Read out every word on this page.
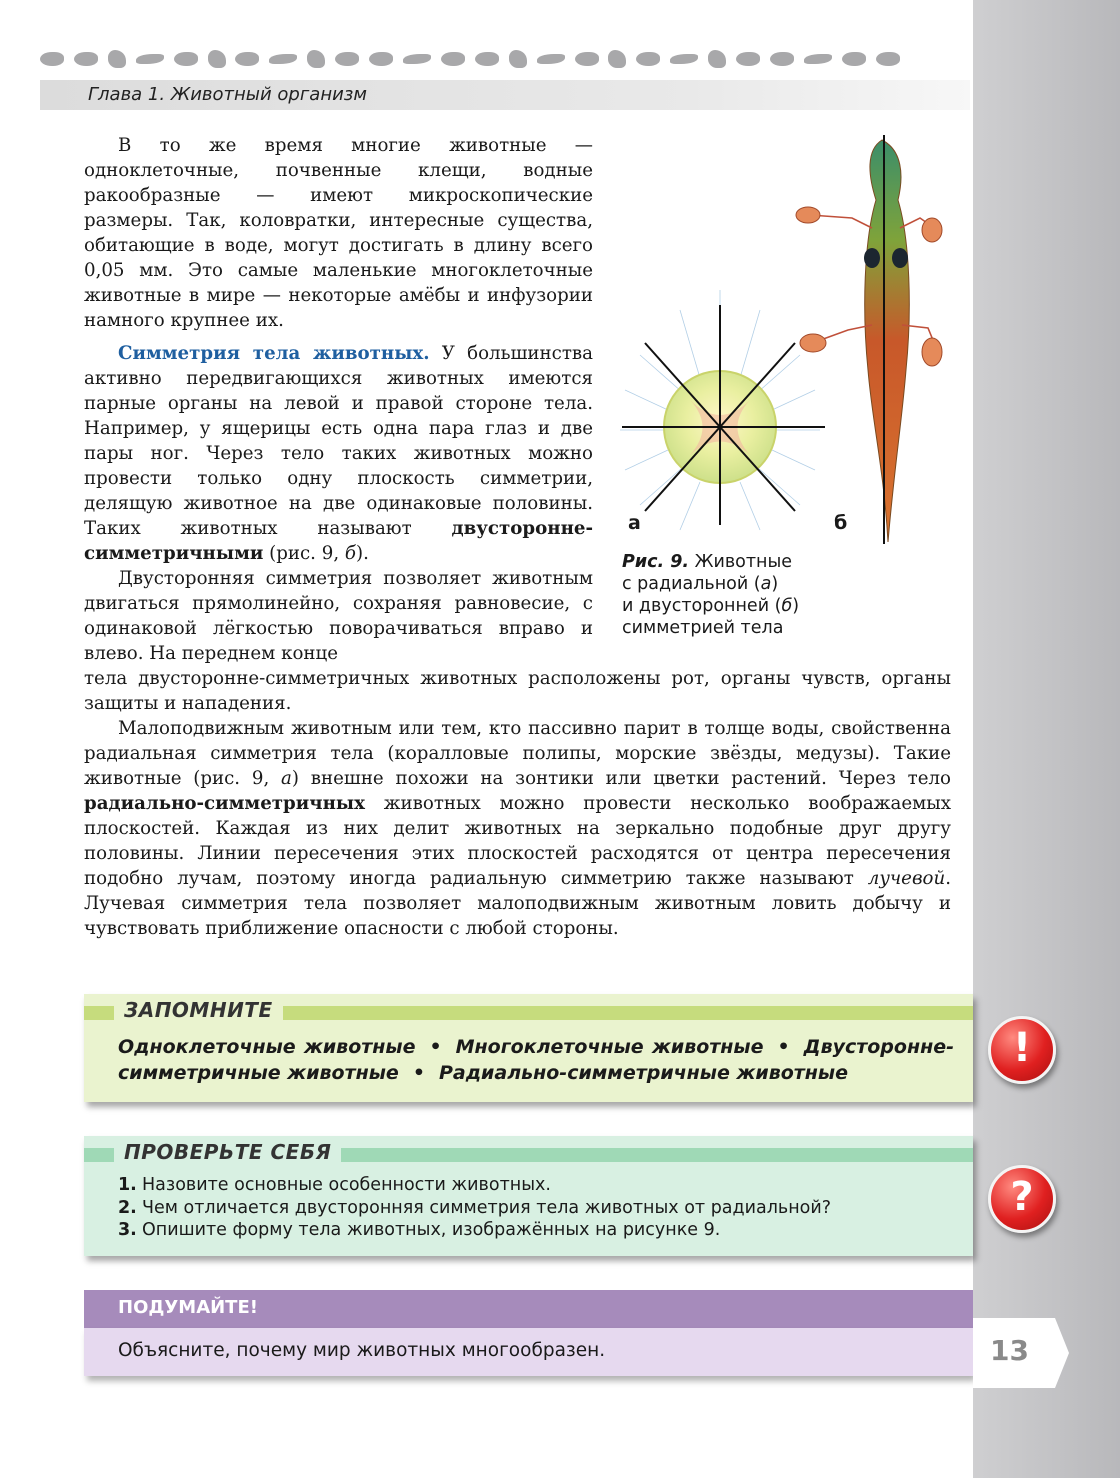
Глава 1. Животный организм

В то же время многие животные — одноклеточные, почвенные клещи, водные ракообразные — имеют микроскопические размеры. Так, коловратки, интересные существа, обитающие в воде, могут достигать в длину всего 0,05 мм. Это самые маленькие многоклеточные животные в мире — некоторые амёбы и инфузории намного крупнее их.

Симметрия тела животных. У большинства активно передвигающихся животных имеются парные органы на левой и правой стороне тела. Например, у ящерицы есть одна пара глаз и две пары ног. Через тело таких животных можно провести только одну плоскость симметрии, делящую животное на две одинаковые половины. Таких животных называют двусторонне-симметричными (рис. 9, б).

Двусторонняя симметрия позволяет животным двигаться прямолинейно, сохраняя равновесие, с одинаковой лёгкостью поворачиваться вправо и влево. На переднем конце

тела двусторонне-симметричных животных расположены рот, органы чувств, органы защиты и нападения.

Малоподвижным животным или тем, кто пассивно парит в толще воды, свойственна радиальная симметрия тела (коралловые полипы, морские звёзды, медузы). Такие животные (рис. 9, а) внешне похожи на зонтики или цветки растений. Через тело радиально-симметричных животных можно провести несколько воображаемых плоскостей. Каждая из них делит животных на зеркально подобные друг другу половины. Линии пересечения этих плоскостей расходятся от центра пересечения подобно лучам, поэтому иногда радиальную симметрию также называют лучевой. Лучевая симметрия тела позволяет малоподвижным животным ловить добычу и чувствовать приближение опасности с любой стороны.

а	б
Рис. 9. Животные
с радиальной (а)
и двусторонней (б)
симметрией тела
ЗАПОМНИТЕ
Одноклеточные животные • Многоклеточные животные • Двусторонне-симметричные животные • Радиально-симметричные животные
!
ПРОВЕРЬТЕ СЕБЯ
1. Назовите основные особенности животных.
2. Чем отличается двусторонняя симметрия тела животных от радиальной?
3. Опишите форму тела животных, изображённых на рисунке 9.
?
ПОДУМАЙТЕ!
Объясните, почему мир животных многообразен.	13
